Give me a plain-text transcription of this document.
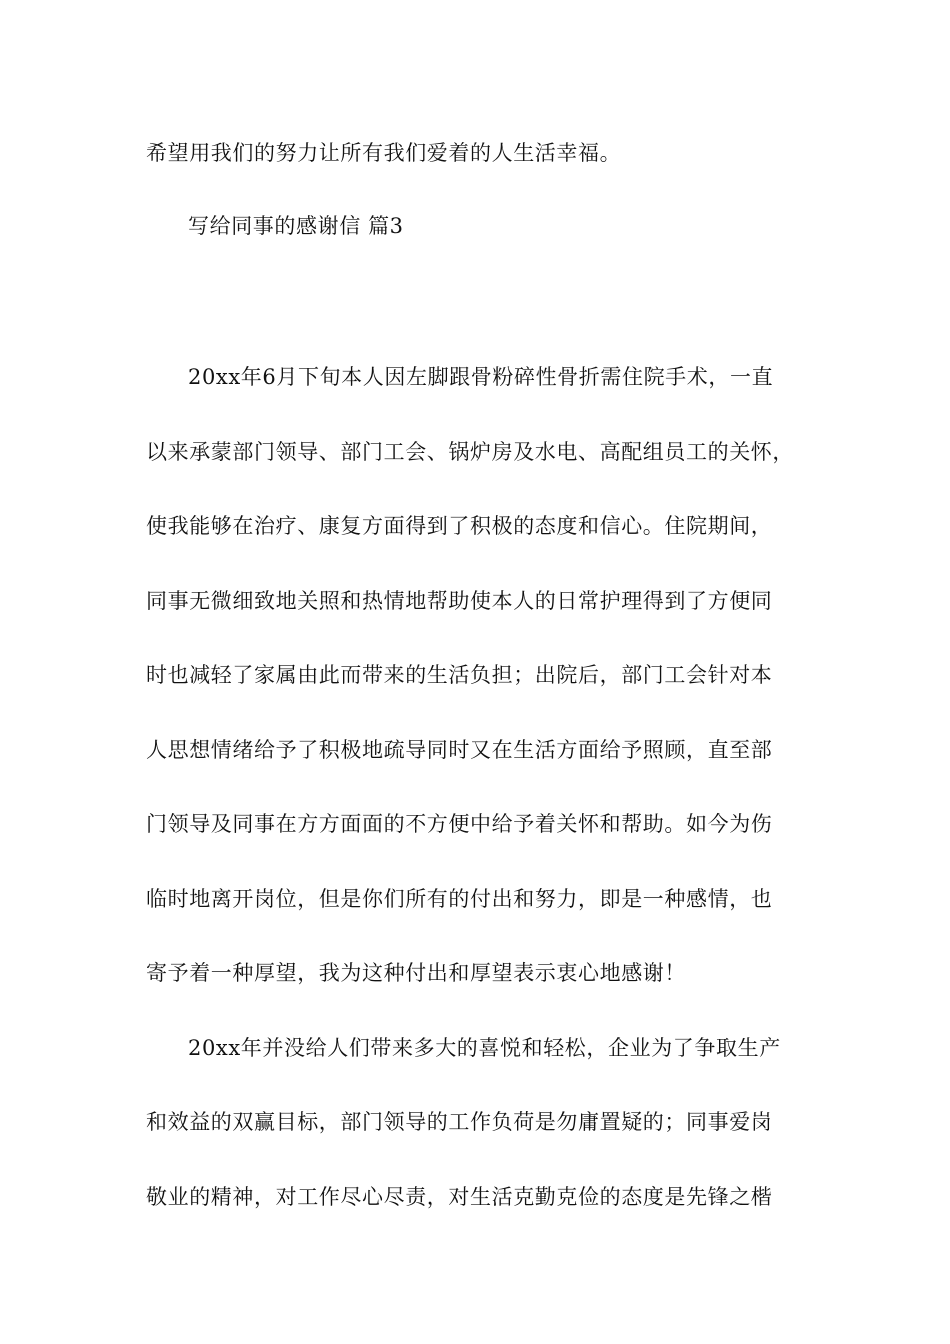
希望用我们的努力让所有我们爱着的人生活幸福。
写给同事的感谢信 篇3
20xx年6月下旬本人因左脚跟骨粉碎性骨折需住院手术，一直
以来承蒙部门领导、部门工会、锅炉房及水电、高配组员工的关怀，
使我能够在治疗、康复方面得到了积极的态度和信心。住院期间，
同事无微细致地关照和热情地帮助使本人的日常护理得到了方便同
时也减轻了家属由此而带来的生活负担；出院后，部门工会针对本
人思想情绪给予了积极地疏导同时又在生活方面给予照顾，直至部
门领导及同事在方方面面的不方便中给予着关怀和帮助。如今为伤
临时地离开岗位，但是你们所有的付出和努力，即是一种感情，也
寄予着一种厚望，我为这种付出和厚望表示衷心地感谢！
20xx年并没给人们带来多大的喜悦和轻松，企业为了争取生产
和效益的双赢目标，部门领导的工作负荷是勿庸置疑的；同事爱岗
敬业的精神，对工作尽心尽责，对生活克勤克俭的态度是先锋之楷
